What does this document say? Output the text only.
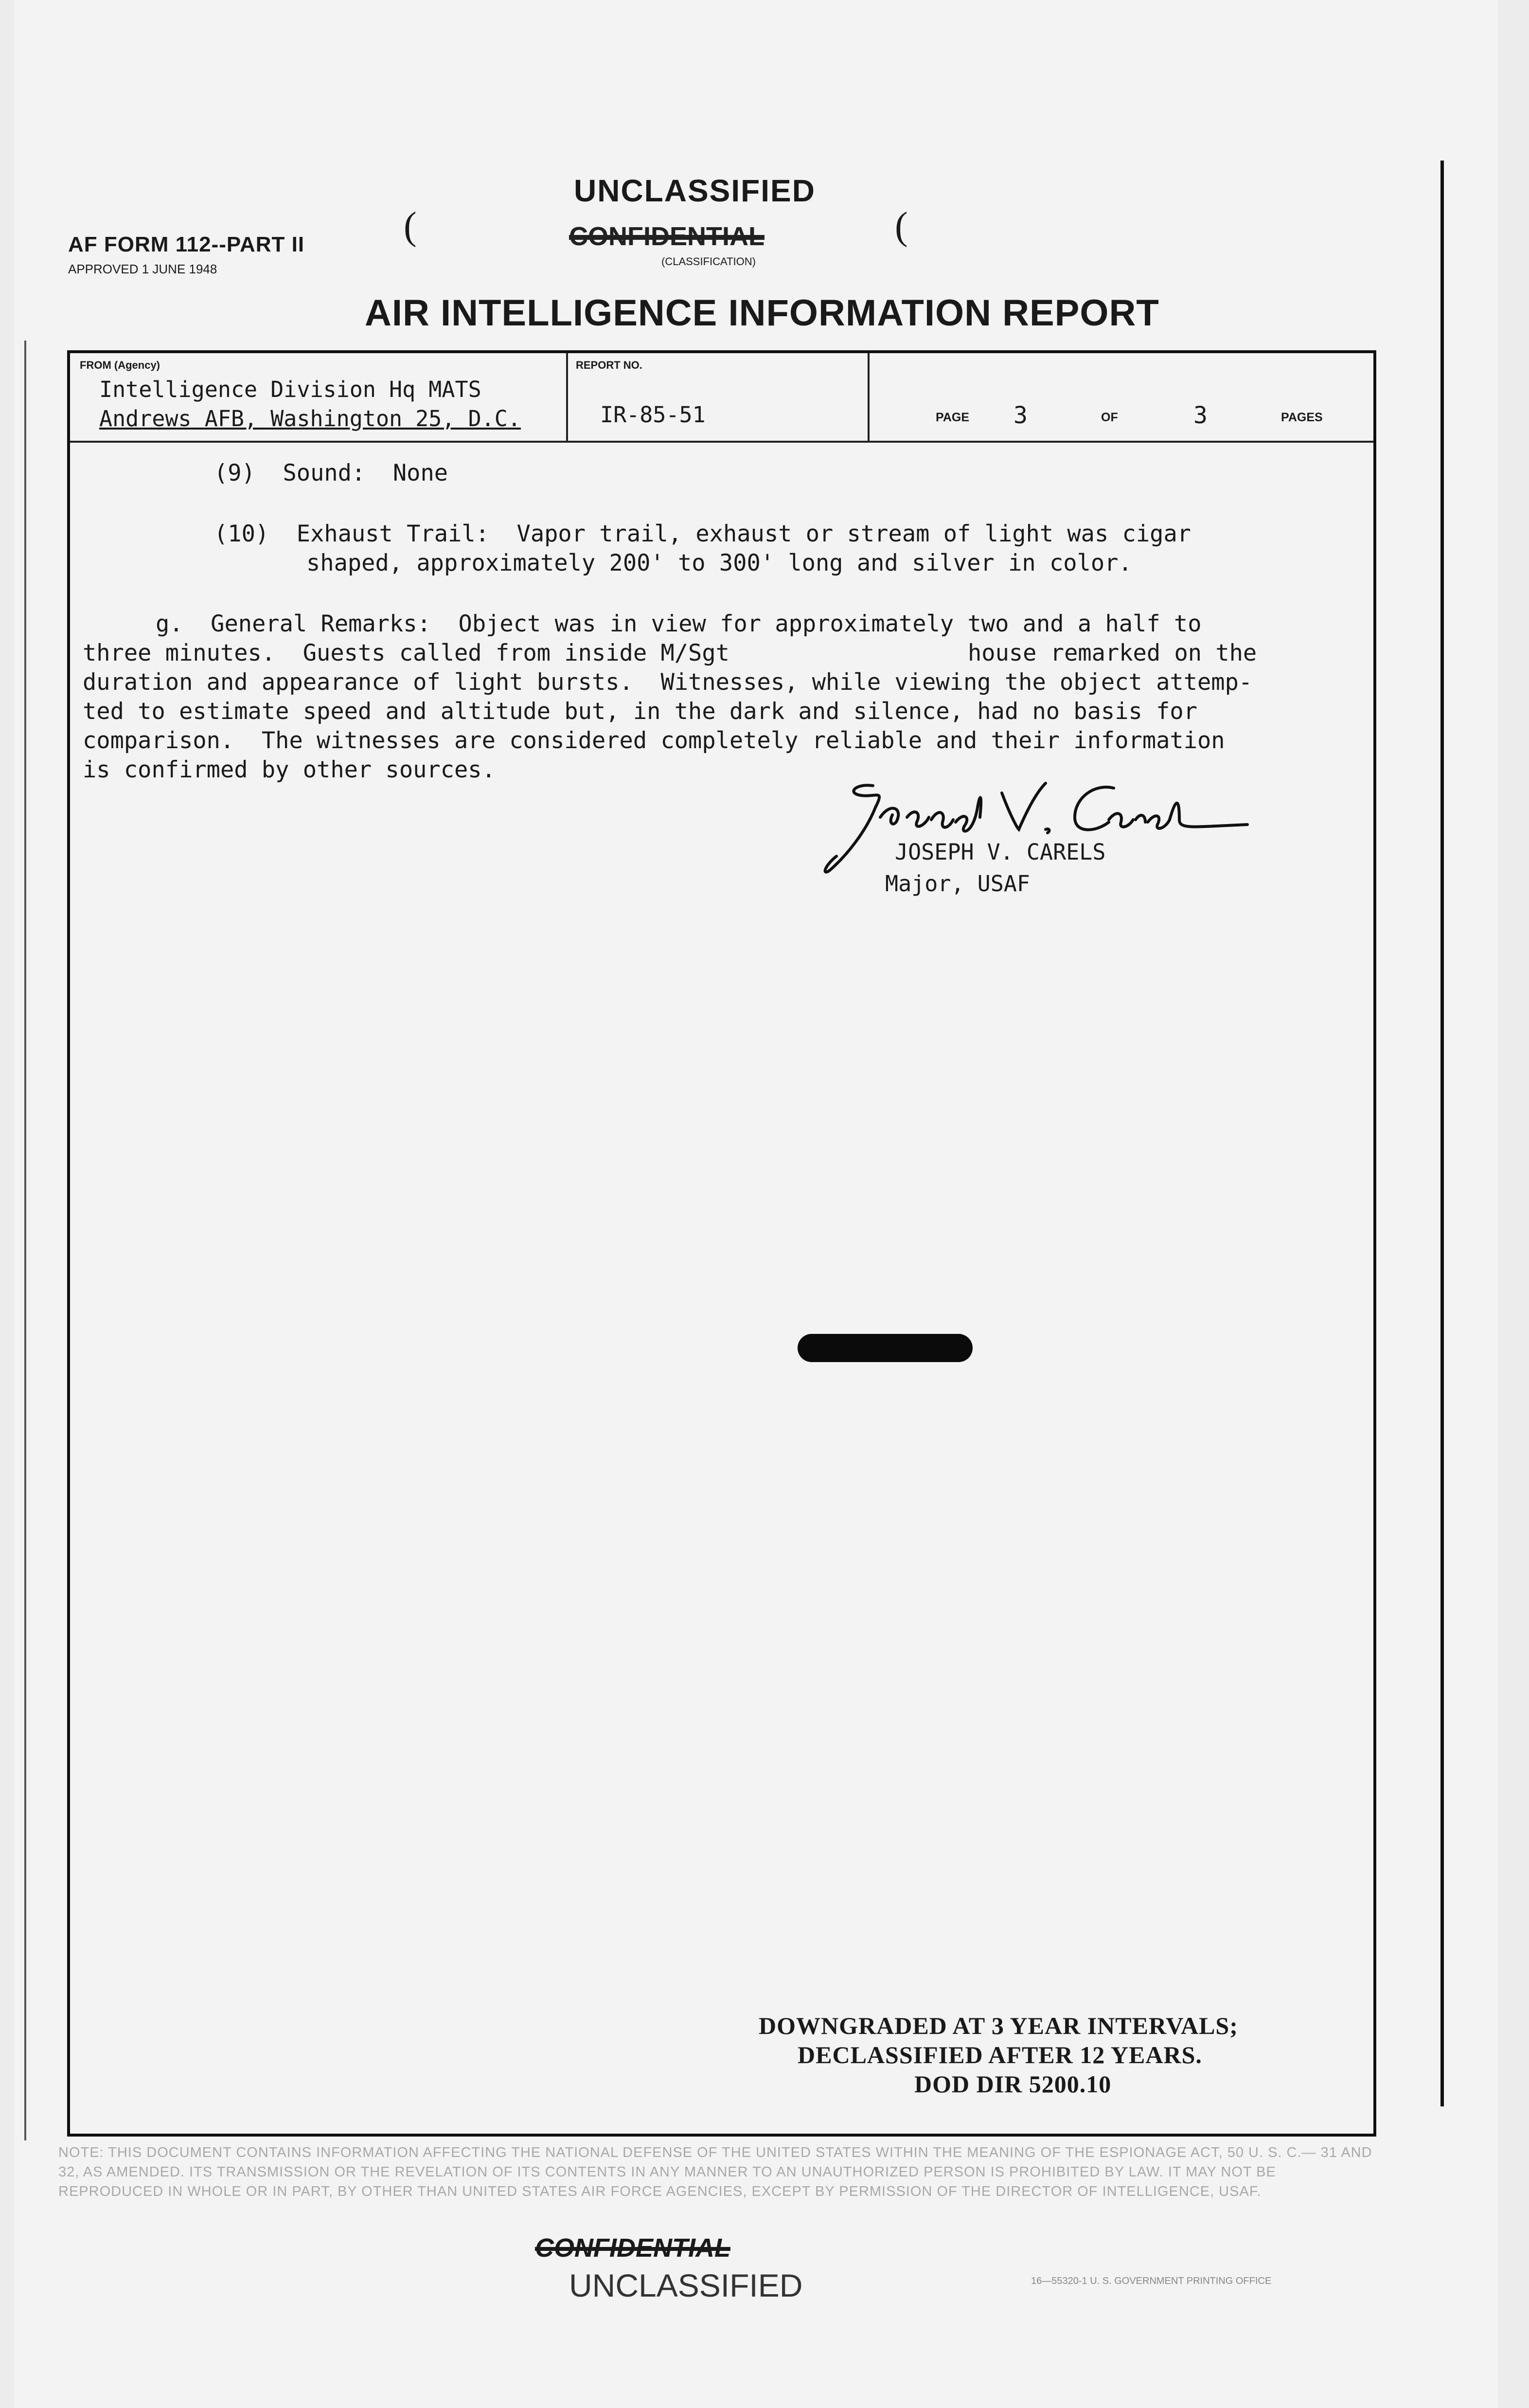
AF FORM 112--PART II
APPROVED 1 JUNE 1948
UNCLASSIFIED
CONFIDENTIAL
(CLASSIFICATION)
(	(
AIR INTELLIGENCE INFORMATION REPORT
FROM (Agency)
Intelligence Division Hq MATS
Andrews AFB, Washington 25, D.C.
REPORT NO.
IR-85-51	PAGE 3	OF	3	PAGES
(9)  Sound:  None
(10)  Exhaust Trail:  Vapor trail, exhaust or stream of light was cigar
shaped, approximately 200' to 300' long and silver in color.
g.  General Remarks:  Object was in view for approximately two and a half to
three minutes.  Guests called from inside M/Sgt	house remarked on the
duration and appearance of light bursts.  Witnesses, while viewing the object attemp-
ted to estimate speed and altitude but, in the dark and silence, had no basis for
comparison.  The witnesses are considered completely reliable and their information
is confirmed by other sources.
JOSEPH V. CARELS
Major, USAF
DOWNGRADED AT 3 YEAR INTERVALS;
DECLASSIFIED AFTER 12 YEARS.
DOD DIR 5200.10
NOTE: THIS DOCUMENT CONTAINS INFORMATION AFFECTING THE NATIONAL DEFENSE OF THE UNITED STATES WITHIN THE MEANING OF THE ESPIONAGE ACT, 50 U. S. C.— 31 AND 32, AS AMENDED. ITS TRANSMISSION OR THE REVELATION OF ITS CONTENTS IN ANY MANNER TO AN UNAUTHORIZED PERSON IS PROHIBITED BY LAW. IT MAY NOT BE REPRODUCED IN WHOLE OR IN PART, BY OTHER THAN UNITED STATES AIR FORCE AGENCIES, EXCEPT BY PERMISSION OF THE DIRECTOR OF INTELLIGENCE, USAF.
CONFIDENTIAL
UNCLASSIFIED	16—55320-1 U. S. GOVERNMENT PRINTING OFFICE
